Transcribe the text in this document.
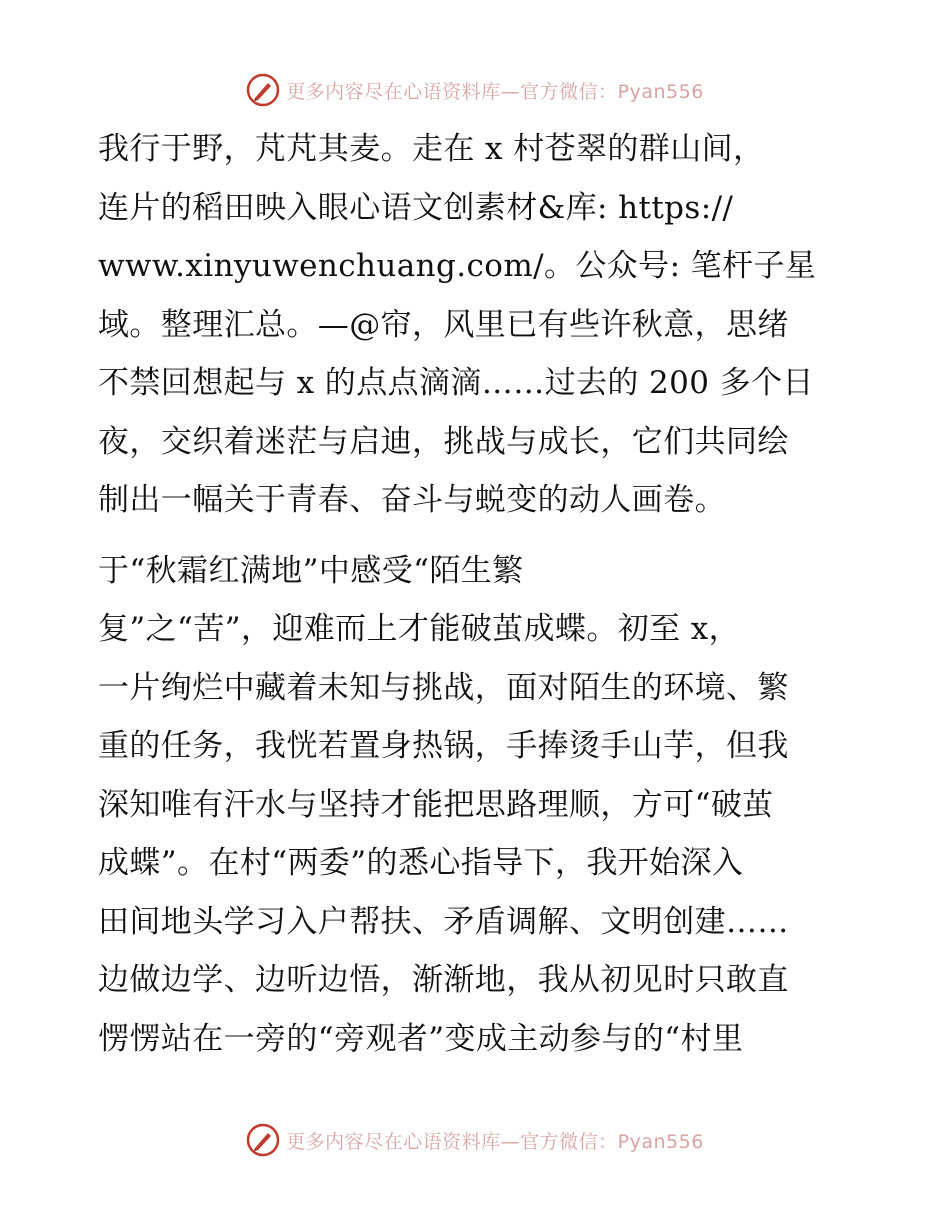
更多内容尽在心语资料库—官方微信：Pyan556
我行于野，芃芃其麦。走在 x 村苍翠的群山间，
连片的稻田映入眼心语文创素材&库: https://
www.xinyuwenchuang.com/。公众号: 笔杆子星
域。整理汇总。—@帘，风里已有些许秋意，思绪
不禁回想起与 x 的点点滴滴……过去的 200 多个日
夜，交织着迷茫与启迪，挑战与成长，它们共同绘
制出一幅关于青春、奋斗与蜕变的动人画卷。
于“秋霜红满地”中感受“陌生繁
复”之“苦”，迎难而上才能破茧成蝶。初至 x，
一片绚烂中藏着未知与挑战，面对陌生的环境、繁
重的任务，我恍若置身热锅，手捧烫手山芋，但我
深知唯有汗水与坚持才能把思路理顺，方可“破茧
成蝶”。在村“两委”的悉心指导下，我开始深入
田间地头学习入户帮扶、矛盾调解、文明创建……
边做边学、边听边悟，渐渐地，我从初见时只敢直
愣愣站在一旁的“旁观者”变成主动参与的“村里
更多内容尽在心语资料库—官方微信：Pyan556
